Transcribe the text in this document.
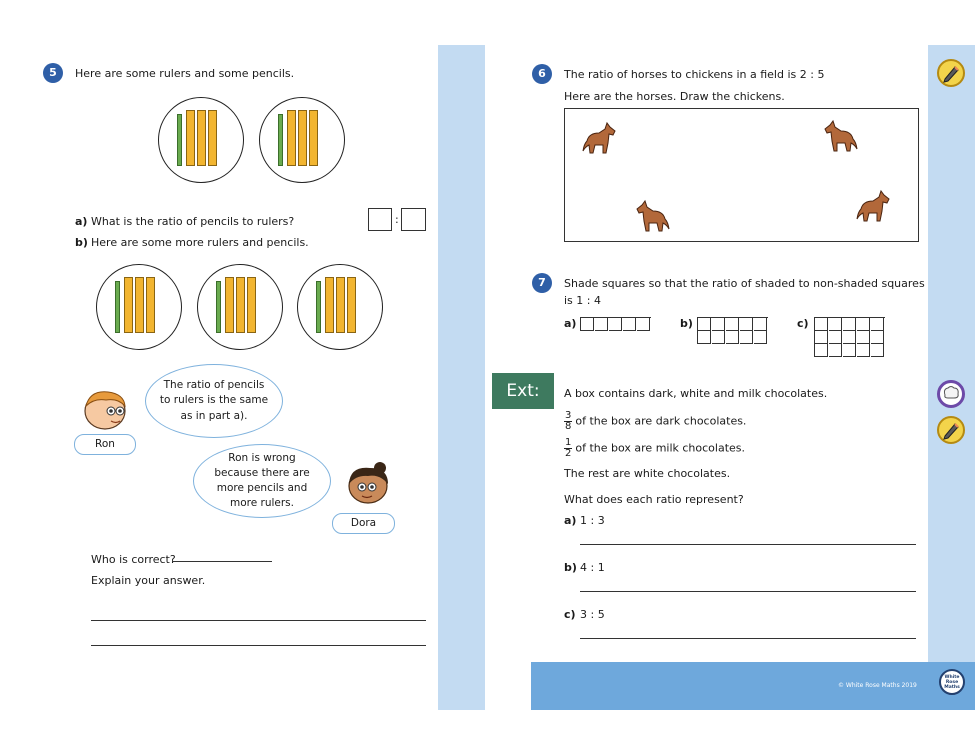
5	Here are some rulers and some pencils.
a) What is the ratio of pencils to rulers?	:
b) Here are some more rulers and pencils.
The ratio of pencils to rulers is the same as in part a).
Ron
Ron is wrong because there are more pencils and more rulers.
Dora
Who is correct?
Explain your answer.
© White Rose Maths 2019
White Rose Maths
6	The ratio of horses to chickens in a field is 2 : 5
Here are the horses. Draw the chickens.
7	Shade squares so that the ratio of shaded to non-shaded squares
is 1 : 4
a)	b)	c)
Ext:	A box contains dark, white and milk chocolates.
$\frac{3}{8}$ of the box are dark chocolates.
$\frac{1}{2}$ of the box are milk chocolates.
The rest are white chocolates.
What does each ratio represent?
a) 1 : 3
b) 4 : 1
c) 3 : 5
